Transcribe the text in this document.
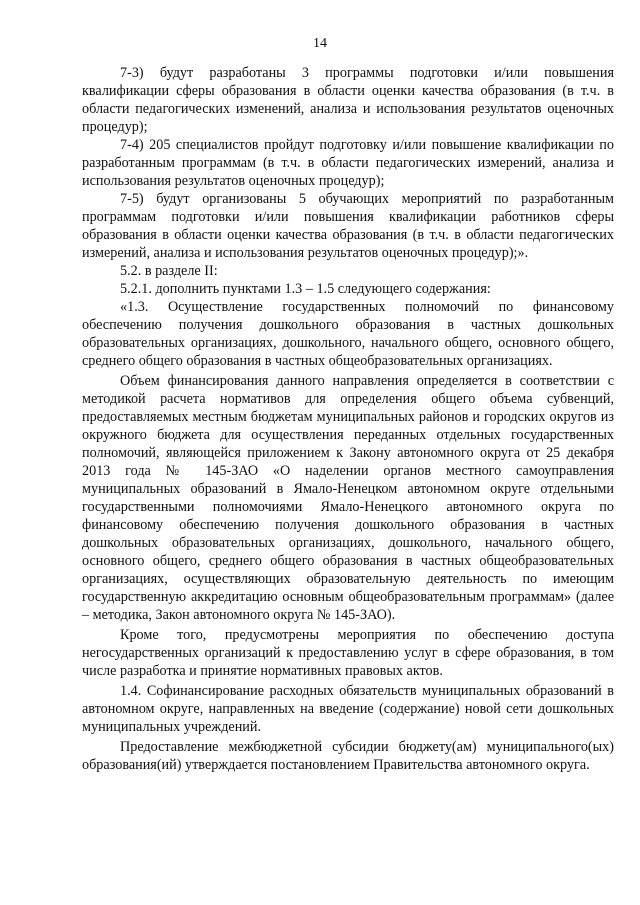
14

7-3) будут разработаны 3 программы подготовки и/или повышения квалификации сферы образования в области оценки качества образования (в т.ч. в области педагогических изменений, анализа и использования результатов оценочных процедур);

7-4) 205 специалистов пройдут подготовку и/или повышение квалификации по разработанным программам (в т.ч. в области педагогических измерений, анализа и использования результатов оценочных процедур);

7-5) будут организованы 5 обучающих мероприятий по разработанным программам подготовки и/или повышения квалификации работников сферы образования в области оценки качества образования (в т.ч. в области педагогических измерений, анализа и использования результатов оценочных процедур);».

5.2. в разделе II:

5.2.1. дополнить пунктами 1.3 – 1.5 следующего содержания:

«1.3. Осуществление государственных полномочий по финансовому обеспечению получения дошкольного образования в частных дошкольных образовательных организациях, дошкольного, начального общего, основного общего, среднего общего образования в частных общеобразовательных организациях.

Объем финансирования данного направления определяется в соответствии с методикой расчета нормативов для определения общего объема субвенций, предоставляемых местным бюджетам муниципальных районов и городских округов из окружного бюджета для осуществления переданных отдельных государственных полномочий, являющейся приложением к Закону автономного округа от 25 декабря 2013 года № 145-ЗАО «О наделении органов местного самоуправления муниципальных образований в Ямало-Ненецком автономном округе отдельными государственными полномочиями Ямало-Ненецкого автономного округа по финансовому обеспечению получения дошкольного образования в частных дошкольных образовательных организациях, дошкольного, начального общего, основного общего, среднего общего образования в частных общеобразовательных организациях, осуществляющих образовательную деятельность по имеющим государственную аккредитацию основным общеобразовательным программам» (далее – методика, Закон автономного округа № 145-ЗАО).

Кроме того, предусмотрены мероприятия по обеспечению доступа негосударственных организаций к предоставлению услуг в сфере образования, в том числе разработка и принятие нормативных правовых актов.

1.4. Софинансирование расходных обязательств муниципальных образований в автономном округе, направленных на введение (содержание) новой сети дошкольных муниципальных учреждений.

Предоставление межбюджетной субсидии бюджету(ам) муниципального(ых) образования(ий) утверждается постановлением Правительства автономного округа.
